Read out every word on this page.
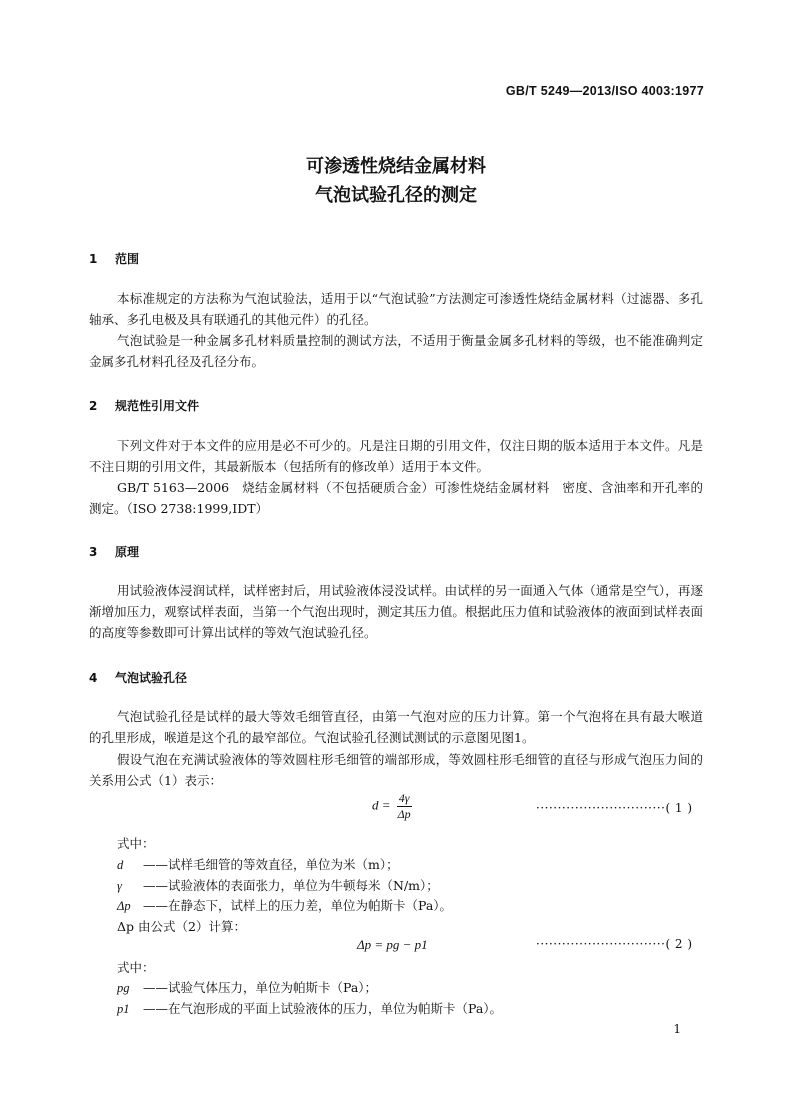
GB/T 5249—2013/ISO 4003:1977
可渗透性烧结金属材料
气泡试验孔径的测定
1 范围

本标准规定的方法称为气泡试验法，适用于以“气泡试验”方法测定可渗透性烧结金属材料（过滤器、多孔轴承、多孔电极及具有联通孔的其他元件）的孔径。

气泡试验是一种金属多孔材料质量控制的测试方法，不适用于衡量金属多孔材料的等级，也不能准确判定金属多孔材料孔径及孔径分布。

2 规范性引用文件

下列文件对于本文件的应用是必不可少的。凡是注日期的引用文件，仅注日期的版本适用于本文件。凡是不注日期的引用文件，其最新版本（包括所有的修改单）适用于本文件。

GB/T 5163—2006　烧结金属材料（不包括硬质合金）可渗性烧结金属材料　密度、含油率和开孔率的测定。（ISO 2738:1999,IDT）

3 原理

用试验液体浸润试样，试样密封后，用试验液体浸没试样。由试样的另一面通入气体（通常是空气），再逐渐增加压力，观察试样表面，当第一个气泡出现时，测定其压力值。根据此压力值和试验液体的液面到试样表面的高度等参数即可计算出试样的等效气泡试验孔径。

4 气泡试验孔径

气泡试验孔径是试样的最大等效毛细管直径，由第一气泡对应的压力计算。第一个气泡将在具有最大喉道的孔里形成，喉道是这个孔的最窄部位。气泡试验孔径测试测试的示意图见图1。

假设气泡在充满试验液体的等效圆柱形毛细管的端部形成，等效圆柱形毛细管的直径与形成气泡压力间的关系用公式（1）表示：

$d = \frac{4\gamma}{\Delta p}$	······························( 1 )
式中：
d ——试样毛细管的等效直径，单位为米（m）；
γ ——试验液体的表面张力，单位为牛顿每米（N/m）；
Δp ——在静态下，试样上的压力差，单位为帕斯卡（Pa）。
Δp 由公式（2）计算：
Δp = pg − p1	······························( 2 )
式中：
pg ——试验气体压力，单位为帕斯卡（Pa）；
p1 ——在气泡形成的平面上试验液体的压力，单位为帕斯卡（Pa）。
1
